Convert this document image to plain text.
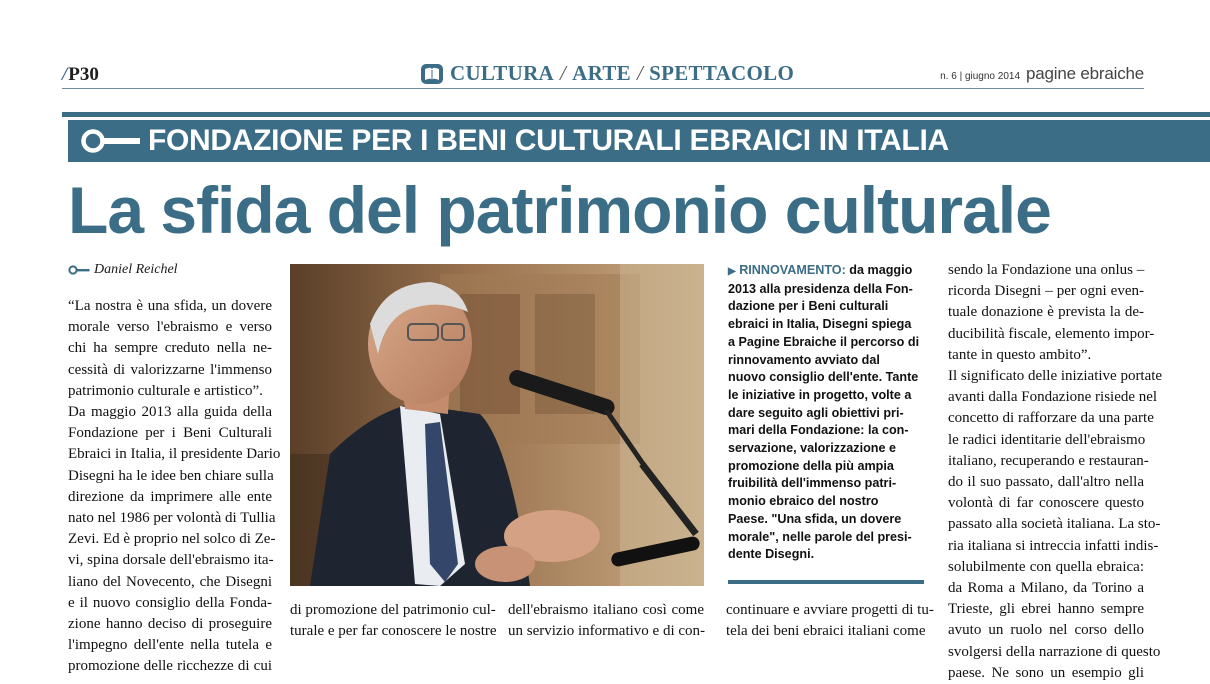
/P30	CULTURA / ARTE / SPETTACOLO	n. 6 | giugno 2014 pagine ebraiche
FONDAZIONE PER I BENI CULTURALI EBRAICI IN ITALIA
La sfida del patrimonio culturale
Daniel Reichel
“La nostra è una sfida, un dovere
morale verso l'ebraismo e verso
chi ha sempre creduto nella ne-
cessità di valorizzarne l'immenso
patrimonio culturale e artistico”.
Da maggio 2013 alla guida della
Fondazione per i Beni Culturali
Ebraici in Italia, il presidente Dario
Disegni ha le idee ben chiare sulla
direzione da imprimere alle ente
nato nel 1986 per volontà di Tullia
Zevi. Ed è proprio nel solco di Ze-
vi, spina dorsale dell'ebraismo ita-
liano del Novecento, che Disegni
e il nuovo consiglio della Fonda-
zione hanno deciso di proseguire
l'impegno dell'ente nella tutela e
promozione delle ricchezze di cui
▶ RINNOVAMENTO: da maggio
2013 alla presidenza della Fon-
dazione per i Beni culturali
ebraici in Italia, Disegni spiega
a Pagine Ebraiche il percorso di
rinnovamento avviato dal
nuovo consiglio dell'ente. Tante
le iniziative in progetto, volte a
dare seguito agli obiettivi pri-
mari della Fondazione: la con-
servazione, valorizzazione e
promozione della più ampia
fruibilità dell'immenso patri-
monio ebraico del nostro
Paese. "Una sfida, un dovere
morale", nelle parole del presi-
dente Disegni.
sendo la Fondazione una onlus –
ricorda Disegni – per ogni even-
tuale donazione è prevista la de-
ducibilità fiscale, elemento impor-
tante in questo ambito”.
Il significato delle iniziative portate
avanti dalla Fondazione risiede nel
concetto di rafforzare da una parte
le radici identitarie dell'ebraismo
italiano, recuperando e restauran-
do il suo passato, dall'altro nella
volontà di far conoscere questo
passato alla società italiana. La sto-
ria italiana si intreccia infatti indis-
solubilmente con quella ebraica:
da Roma a Milano, da Torino a
Trieste, gli ebrei hanno sempre
avuto un ruolo nel corso dello
svolgersi della narrazione di questo
paese. Ne sono un esempio gli
di promozione del patrimonio cul-
turale e per far conoscere le nostre
dell'ebraismo italiano così come
un servizio informativo e di con-
continuare e avviare progetti di tu-
tela dei beni ebraici italiani come
